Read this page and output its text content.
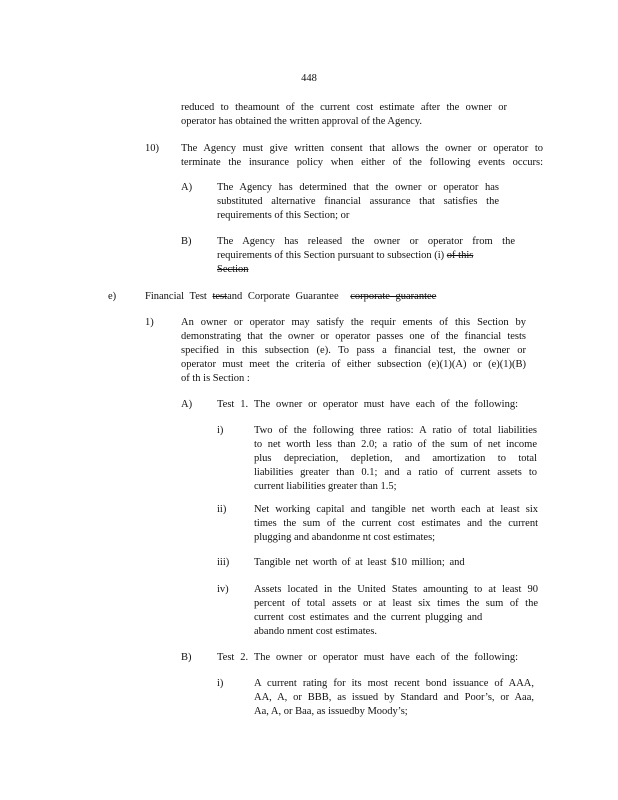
448
reduced to theamount of the current cost estimate after the owner or
operator has obtained the written approval of the Agency.
10) The Agency must give written consent that allows the owner or operator to
terminate the insurance policy when either of the following events occurs:
A) The Agency has determined that the owner or operator has
substituted alternative financial assurance that satisfies the
requirements of this Section; or
B) The Agency has released the owner or operator from the
requirements of this Section pursuant to subsection (i) of this
Section
e)	Financial Test testand Corporate Guarantee corporate guarantee
1)	An owner or operator may satisfy the requir ements of this Section by
demonstrating that the owner or operator passes one of the financial tests
specified in this subsection (e). To pass a financial test, the owner or
operator must meet the criteria of either subsection (e)(1)(A) or (e)(1)(B)
of th is Section :
A) Test 1. The owner or operator must have each of the following:
i)	Two of the following three ratios: A ratio of total liabilities
to net worth less than 2.0; a ratio of the sum of net income
plus depreciation, depletion, and amortization to total
liabilities greater than 0.1; and a ratio of current assets to
current liabilities greater than 1.5;
ii)	Net working capital and tangible net worth each at least six
times the sum of the current cost estimates and the current
plugging and abandonme nt cost estimates;
iii) Tangible net worth of at least $10 million; and
iv) Assets located in the United States amounting to at least 90
percent of total assets or at least six times the sum of the
current cost estimates and the current plugging and
abando nment cost estimates.
B) Test 2. The owner or operator must have each of the following:
i)	A current rating for its most recent bond issuance of AAA,
AA, A, or BBB, as issued by Standard and Poor’s, or Aaa,
Aa, A, or Baa, as issuedby Moody’s;
